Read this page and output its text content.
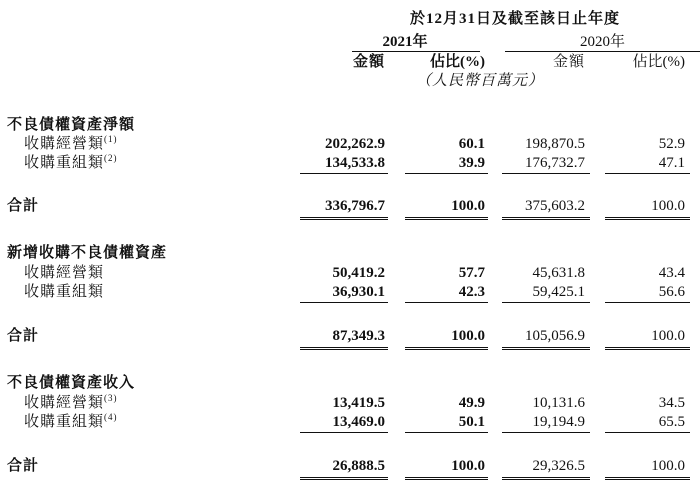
於12月31日及截至該日止年度
2021年	2020年
金額	佔比(%)	金額	佔比(%)
（人民幣百萬元）
不良債權資產淨額
收購經營類$^{(1)}$	202,262.9	60.1	198,870.5	52.9
收購重組類$^{(2)}$	134,533.8	39.9	176,732.7	47.1
合計	336,796.7	100.0	375,603.2	100.0
新增收購不良債權資產
收購經營類	50,419.2	57.7	45,631.8	43.4
收購重組類	36,930.1	42.3	59,425.1	56.6
合計	87,349.3	100.0	105,056.9	100.0
不良債權資產收入
收購經營類$^{(3)}$	13,419.5	49.9	10,131.6	34.5
收購重組類$^{(4)}$	13,469.0	50.1	19,194.9	65.5
合計	26,888.5	100.0	29,326.5	100.0
